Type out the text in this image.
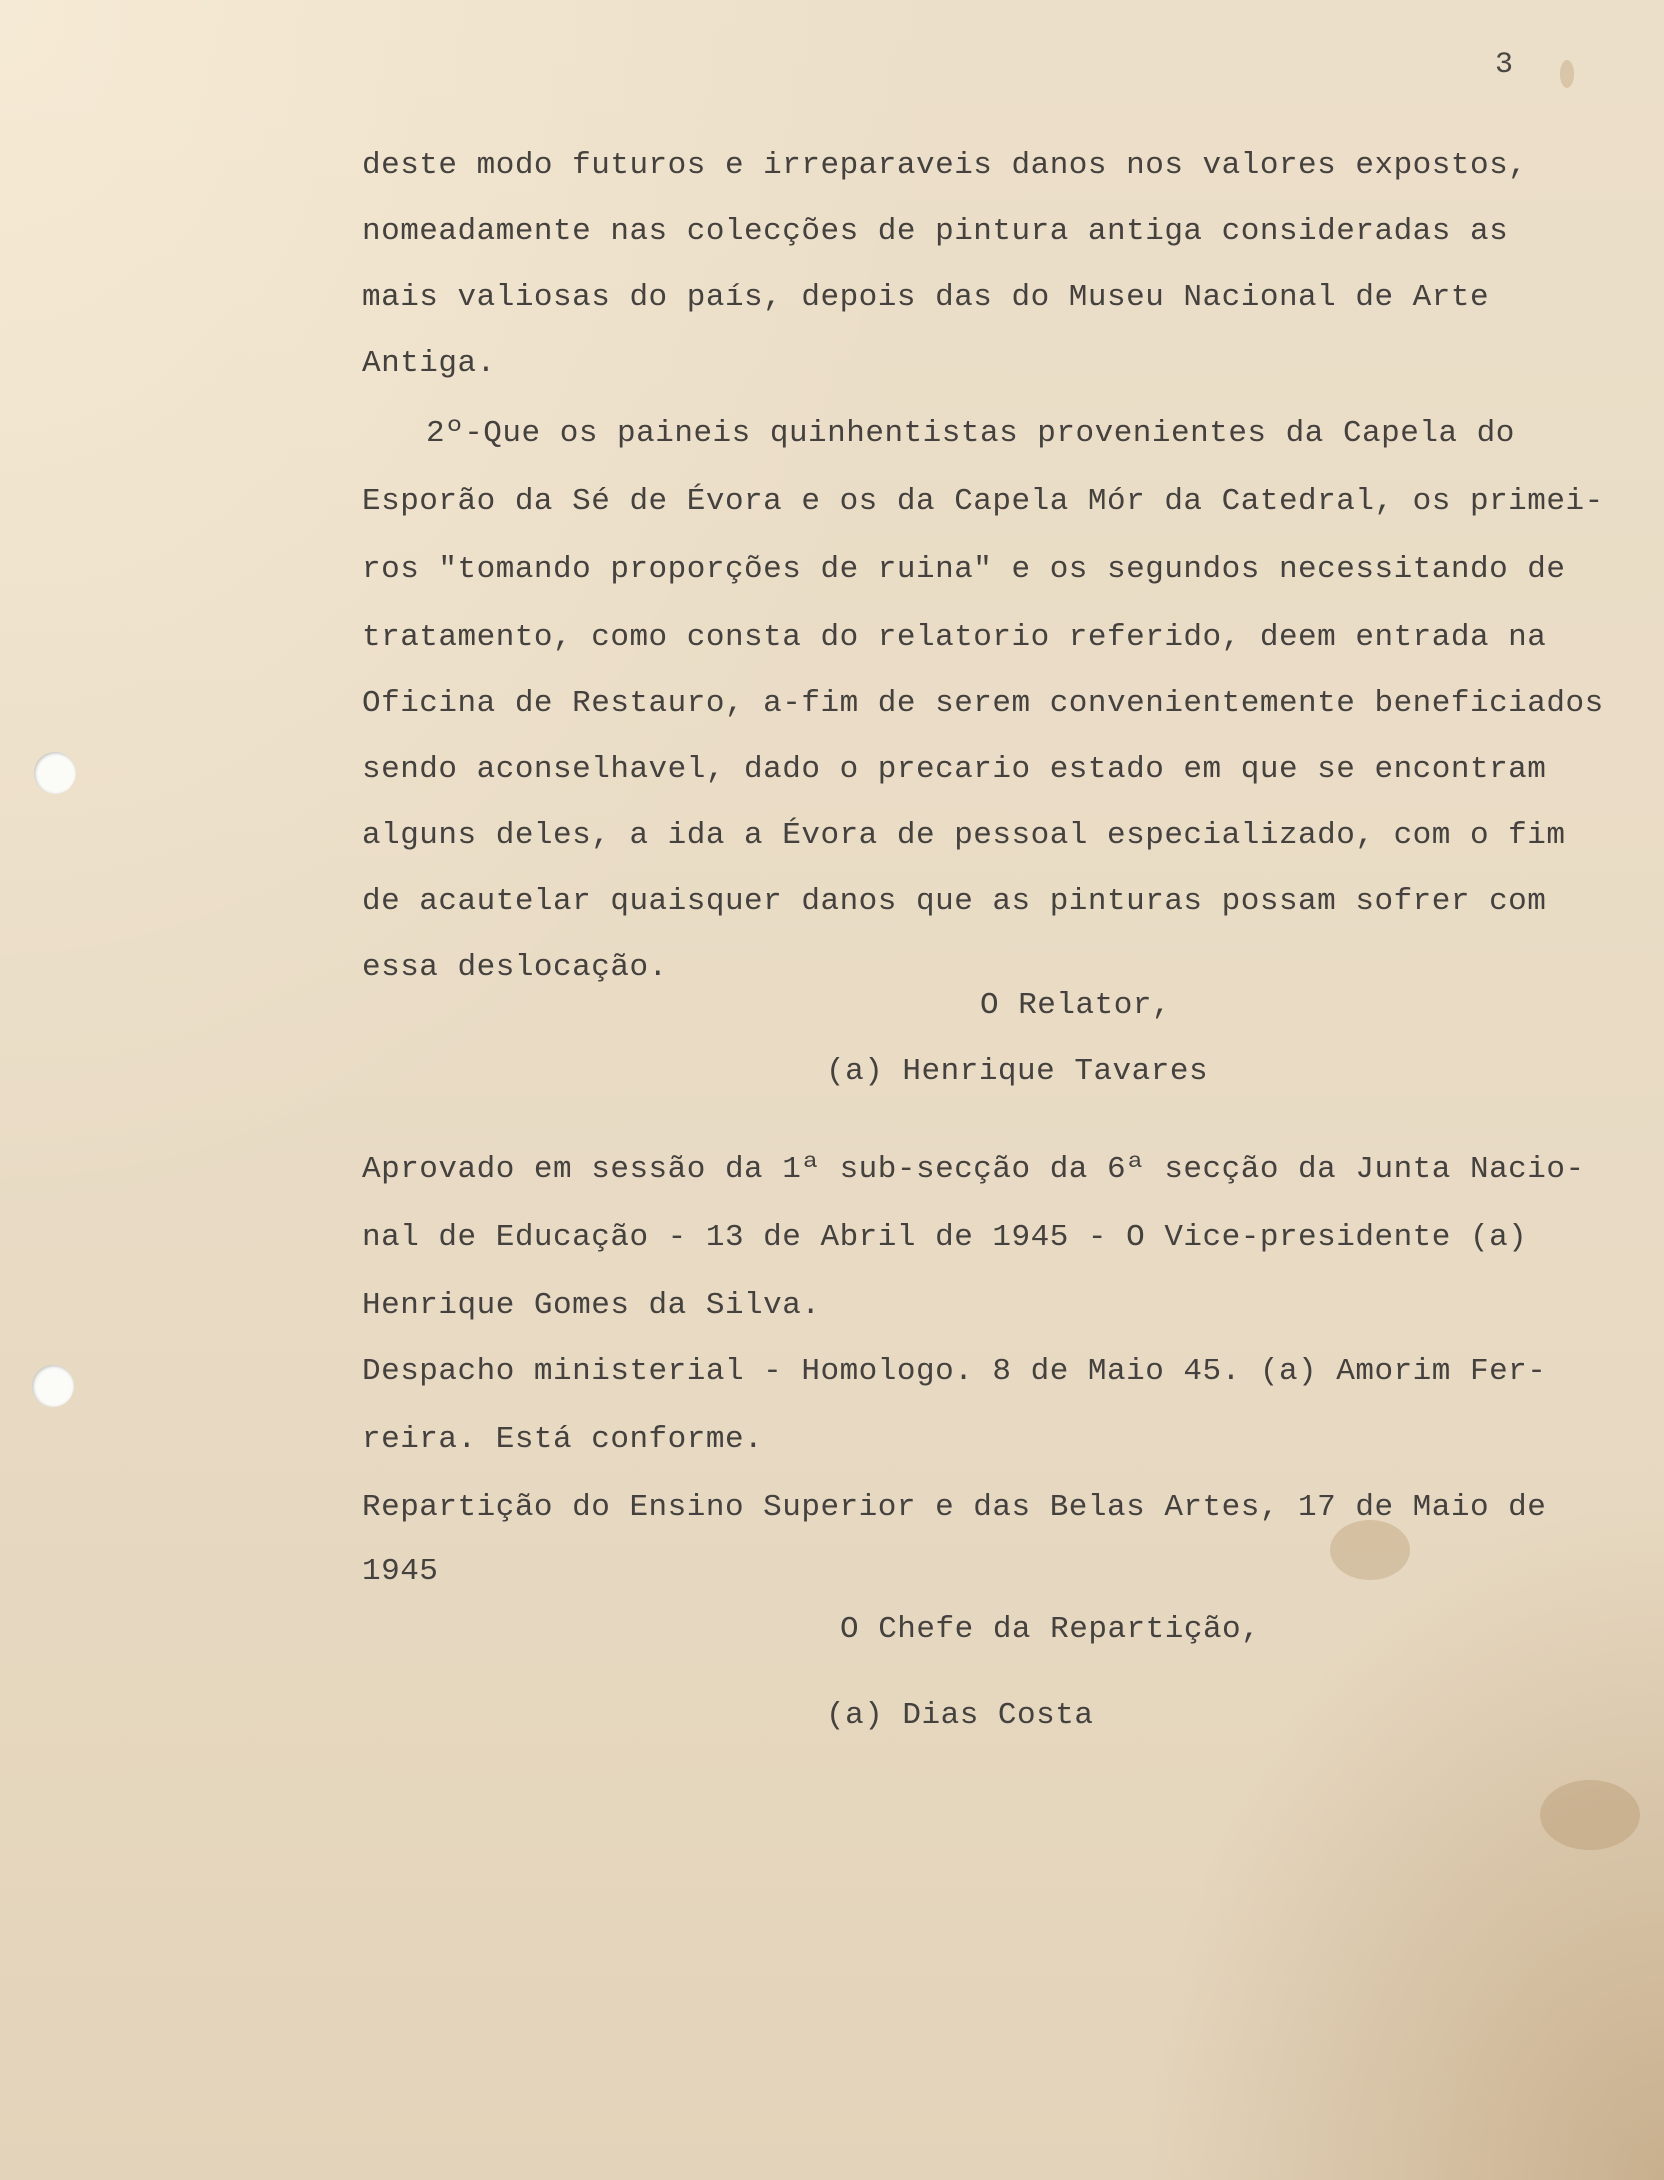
3

deste modo futuros e irreparaveis danos nos valores expostos,

nomeadamente nas colecções de pintura antiga consideradas as

mais valiosas do país, depois das do Museu Nacional de Arte

Antiga.

2º-Que os paineis quinhentistas provenientes da Capela do

Esporão da Sé de Évora e os da Capela Mór da Catedral, os primei-

ros "tomando proporções de ruina" e os segundos necessitando de

tratamento, como consta do relatorio referido, deem entrada na

Oficina de Restauro, a-fim de serem convenientemente beneficiados

sendo aconselhavel, dado o precario estado em que se encontram

alguns deles, a ida a Évora de pessoal especializado, com o fim

de acautelar quaisquer danos que as pinturas possam sofrer com

essa deslocação.

O Relator,

(a) Henrique Tavares

Aprovado em sessão da 1ª sub-secção da 6ª secção da Junta Nacio-

nal de Educação - 13 de Abril de 1945 - O Vice-presidente (a)

Henrique Gomes da Silva.

Despacho ministerial - Homologo. 8 de Maio 45. (a) Amorim Fer-

reira. Está conforme.

Repartição do Ensino Superior e das Belas Artes, 17 de Maio de

1945

O Chefe da Repartição,

(a) Dias Costa
